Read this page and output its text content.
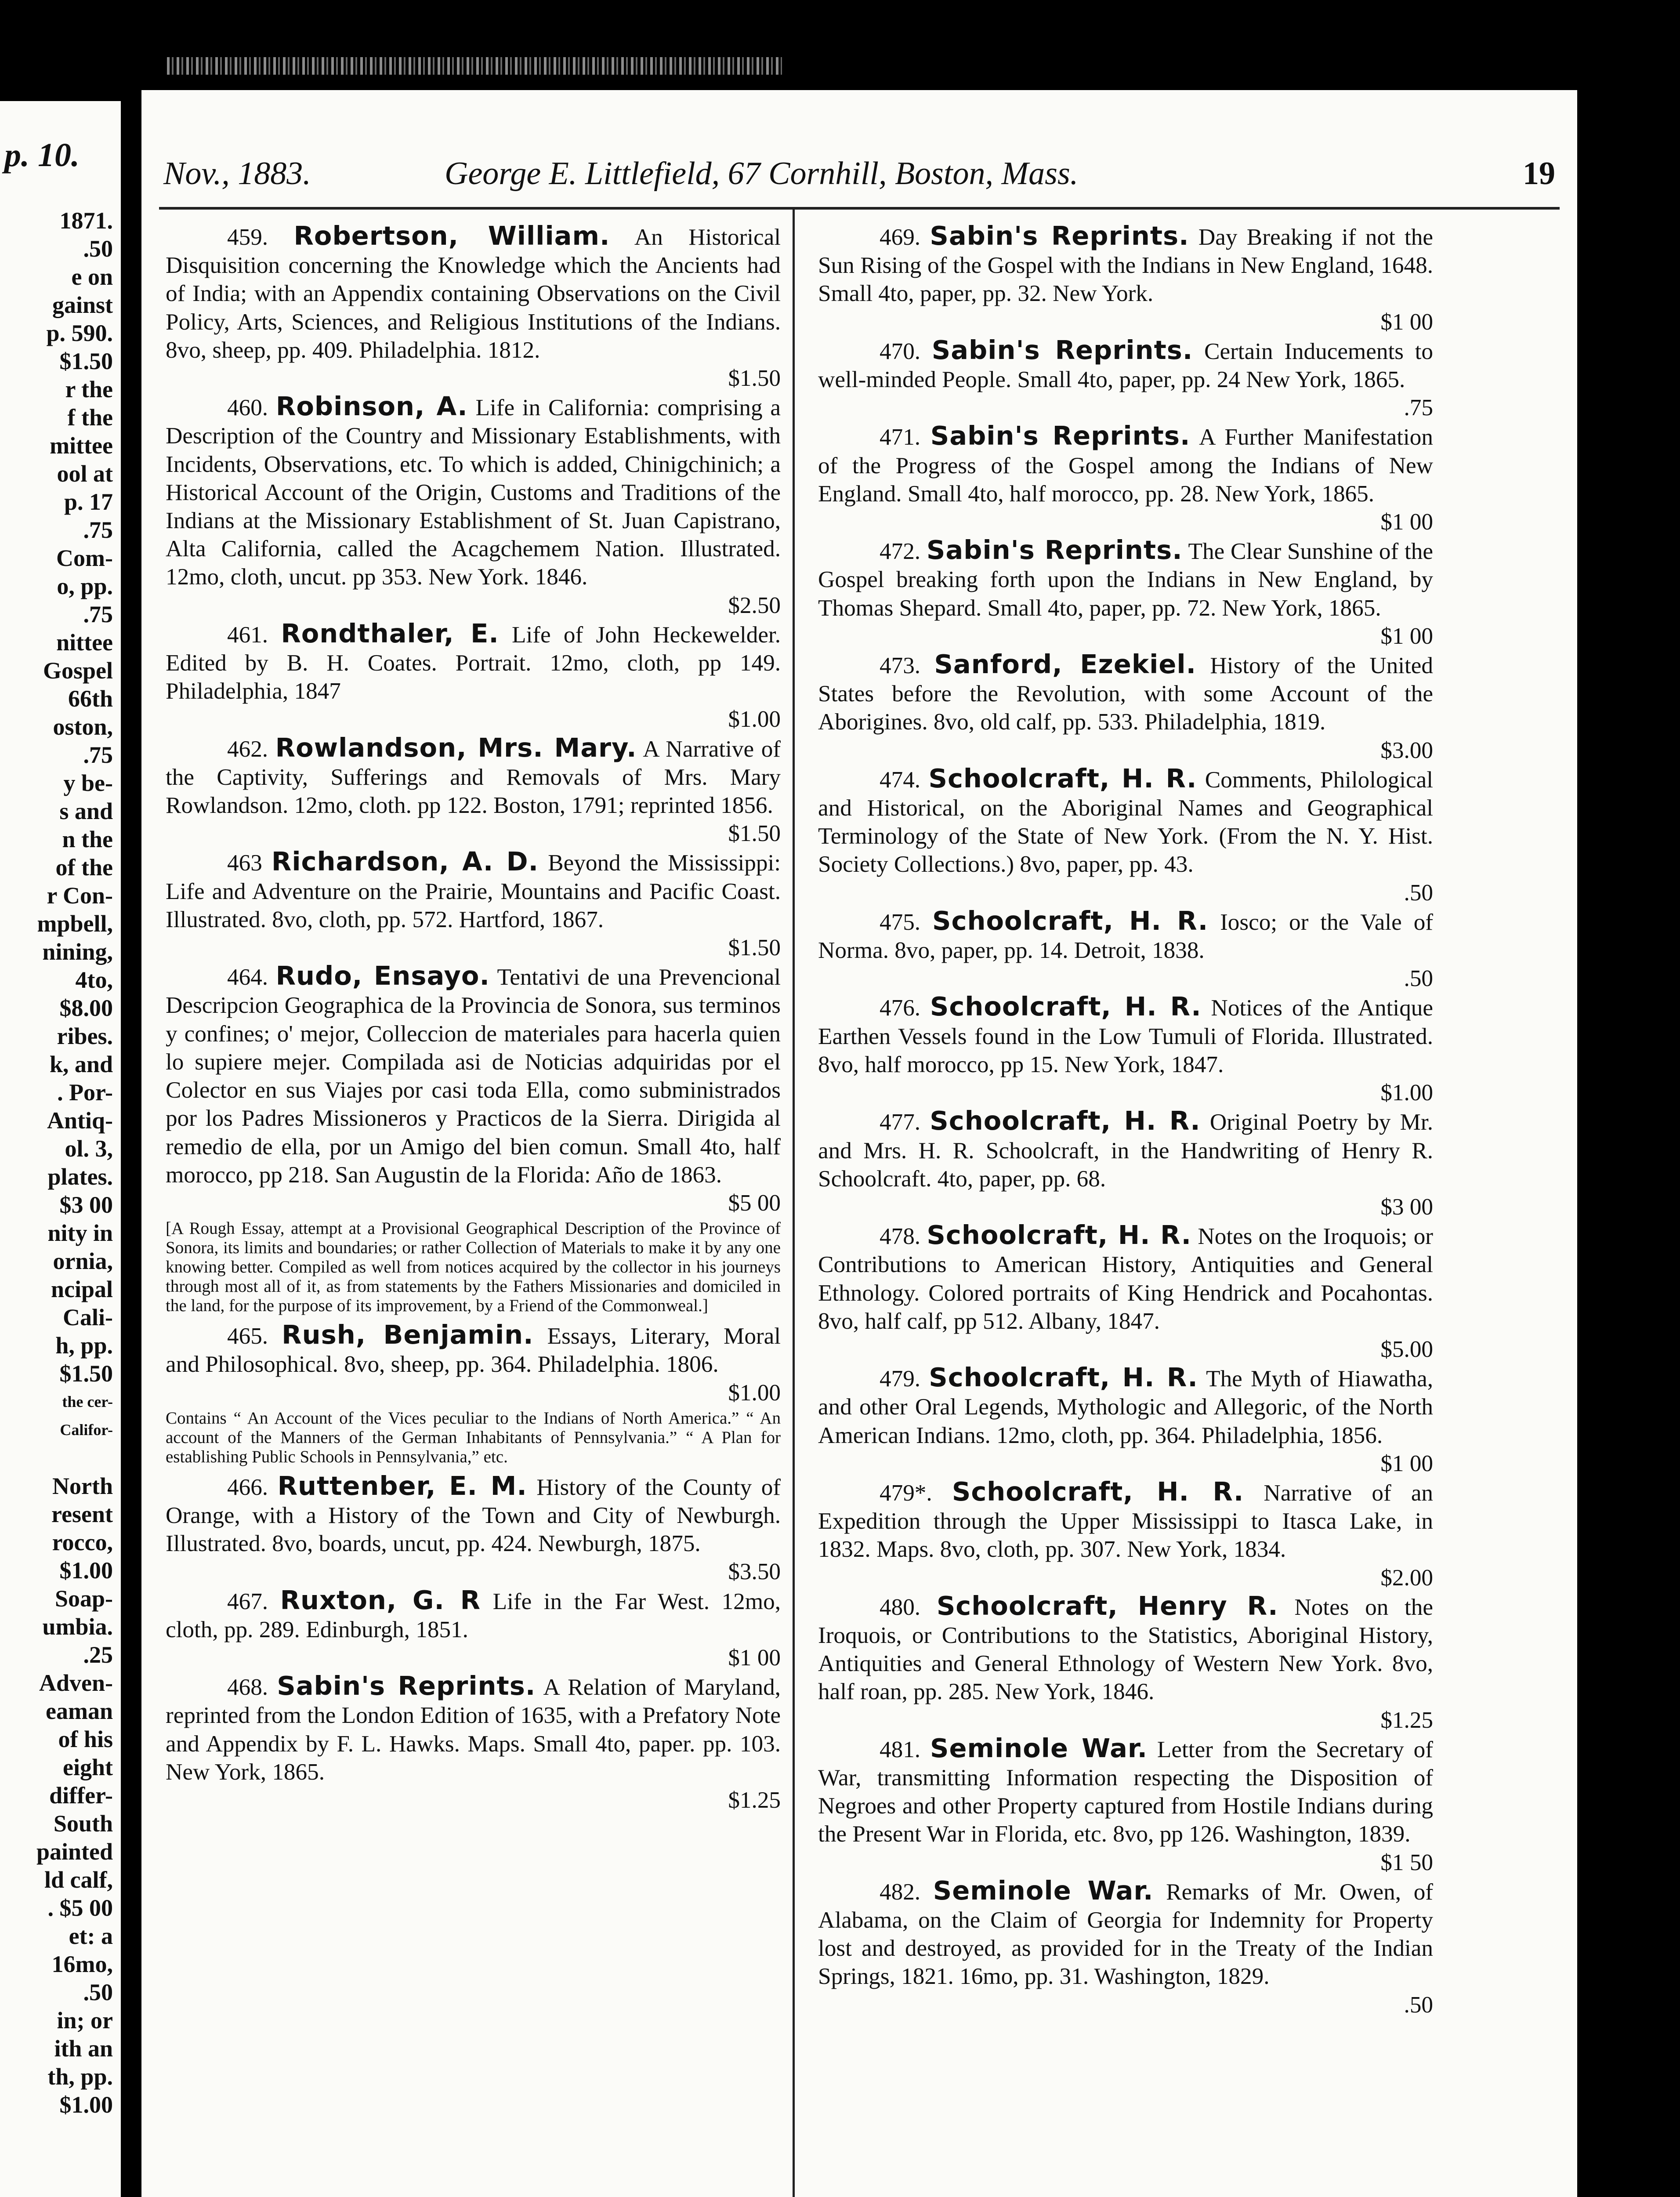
p. 10.
1871.
.50
e on
gainst
p. 590.
$1.50
r the
f the
mittee
ool at
p. 17
.75
Com-
o, pp.
.75
nittee
Gospel
66th
oston,
.75
y be-
s and
n the
of the
r Con-
mpbell,
nining,
4to,
$8.00
ribes.
k, and
. Por-
Antiq-
ol. 3,
plates.
$3 00
nity in
ornia,
ncipal
Cali-
h, pp.
$1.50
the cer-
Califor-
North
resent
rocco,
$1.00
Soap-
umbia.
.25
Adven-
eaman
of his
eight
differ-
South
painted
ld calf,
. $5 00
et: a
16mo,
.50
in; or
ith an
th, pp.
$1.00
Nov., 1883.	George E. Littlefield, 67 Cornhill, Boston, Mass.	19
459. Robertson, William. An Historical Disquisition concerning the Knowledge which the Ancients had of India; with an Appendix containing Observations on the Civil Policy, Arts, Sciences, and Religious Institutions of the Indians. 8vo, sheep, pp. 409. Philadelphia. 1812.
$1.50
460. Robinson, A. Life in California: comprising a Description of the Country and Missionary Establishments, with Incidents, Observations, etc. To which is added, Chinigchinich; a Historical Account of the Origin, Customs and Traditions of the Indians at the Missionary Establishment of St. Juan Capistrano, Alta California, called the Acagchemem Nation. Illustrated. 12mo, cloth, uncut. pp 353. New York. 1846.
$2.50
461. Rondthaler, E. Life of John Heckewelder. Edited by B. H. Coates. Portrait. 12mo, cloth, pp 149. Philadelphia, 1847
$1.00
462. Rowlandson, Mrs. Mary. A Narrative of the Captivity, Sufferings and Removals of Mrs. Mary Rowlandson. 12mo, cloth. pp 122. Boston, 1791; reprinted 1856.
$1.50
463 Richardson, A. D. Beyond the Mississippi: Life and Adventure on the Prairie, Mountains and Pacific Coast. Illustrated. 8vo, cloth, pp. 572. Hartford, 1867.
$1.50
464. Rudo, Ensayo. Tentativi de una Prevencional Descripcion Geographica de la Provincia de Sonora, sus terminos y confines; o' mejor, Colleccion de materiales para hacerla quien lo supiere mejer. Compilada asi de Noticias adquiridas por el Colector en sus Viajes por casi toda Ella, como subministrados por los Padres Missioneros y Practicos de la Sierra. Dirigida al remedio de ella, por un Amigo del bien comun. Small 4to, half morocco, pp 218. San Augustin de la Florida: Año de 1863.
$5 00
[A Rough Essay, attempt at a Provisional Geographical Description of the Province of Sonora, its limits and boundaries; or rather Collection of Materials to make it by any one knowing better. Compiled as well from notices acquired by the collector in his journeys through most all of it, as from statements by the Fathers Missionaries and domiciled in the land, for the purpose of its improvement, by a Friend of the Commonweal.]
465. Rush, Benjamin. Essays, Literary, Moral and Philosophical. 8vo, sheep, pp. 364. Philadelphia. 1806.
$1.00
Contains “ An Account of the Vices peculiar to the Indians of North America.” “ An account of the Manners of the German Inhabitants of Pennsylvania.” “ A Plan for establishing Public Schools in Pennsylvania,” etc.
466. Ruttenber, E. M. History of the County of Orange, with a History of the Town and City of Newburgh. Illustrated. 8vo, boards, uncut, pp. 424. Newburgh, 1875.
$3.50
467. Ruxton, G. R Life in the Far West. 12mo, cloth, pp. 289. Edinburgh, 1851.
$1 00
468. Sabin's Reprints. A Relation of Maryland, reprinted from the London Edition of 1635, with a Prefatory Note and Appendix by F. L. Hawks. Maps. Small 4to, paper. pp. 103. New York, 1865.
$1.25
469. Sabin's Reprints. Day Breaking if not the Sun Rising of the Gospel with the Indians in New England, 1648. Small 4to, paper, pp. 32. New York.
$1 00
470. Sabin's Reprints. Certain Inducements to well-minded People. Small 4to, paper, pp. 24 New York, 1865.
.75
471. Sabin's Reprints. A Further Manifestation of the Progress of the Gospel among the Indians of New England. Small 4to, half morocco, pp. 28. New York, 1865.
$1 00
472. Sabin's Reprints. The Clear Sunshine of the Gospel breaking forth upon the Indians in New England, by Thomas Shepard. Small 4to, paper, pp. 72. New York, 1865.
$1 00
473. Sanford, Ezekiel. History of the United States before the Revolution, with some Account of the Aborigines. 8vo, old calf, pp. 533. Philadelphia, 1819.
$3.00
474. Schoolcraft, H. R. Comments, Philological and Historical, on the Aboriginal Names and Geographical Terminology of the State of New York. (From the N. Y. Hist. Society Collections.) 8vo, paper, pp. 43.
.50
475. Schoolcraft, H. R. Iosco; or the Vale of Norma. 8vo, paper, pp. 14. Detroit, 1838.
.50
476. Schoolcraft, H. R. Notices of the Antique Earthen Vessels found in the Low Tumuli of Florida. Illustrated. 8vo, half morocco, pp 15. New York, 1847.
$1.00
477. Schoolcraft, H. R. Original Poetry by Mr. and Mrs. H. R. Schoolcraft, in the Handwriting of Henry R. Schoolcraft. 4to, paper, pp. 68.
$3 00
478. Schoolcraft, H. R. Notes on the Iroquois; or Contributions to American History, Antiquities and General Ethnology. Colored portraits of King Hendrick and Pocahontas. 8vo, half calf, pp 512. Albany, 1847.
$5.00
479. Schoolcraft, H. R. The Myth of Hiawatha, and other Oral Legends, Mythologic and Allegoric, of the North American Indians. 12mo, cloth, pp. 364. Philadelphia, 1856.
$1 00
479*. Schoolcraft, H. R. Narrative of an Expedition through the Upper Mississippi to Itasca Lake, in 1832. Maps. 8vo, cloth, pp. 307. New York, 1834.
$2.00
480. Schoolcraft, Henry R. Notes on the Iroquois, or Contributions to the Statistics, Aboriginal History, Antiquities and General Ethnology of Western New York. 8vo, half roan, pp. 285. New York, 1846.
$1.25
481. Seminole War. Letter from the Secretary of War, transmitting Information respecting the Disposition of Negroes and other Property captured from Hostile Indians during the Present War in Florida, etc. 8vo, pp 126. Washington, 1839.
$1 50
482. Seminole War. Remarks of Mr. Owen, of Alabama, on the Claim of Georgia for Indemnity for Property lost and destroyed, as provided for in the Treaty of the Indian Springs, 1821. 16mo, pp. 31. Washington, 1829.
.50
